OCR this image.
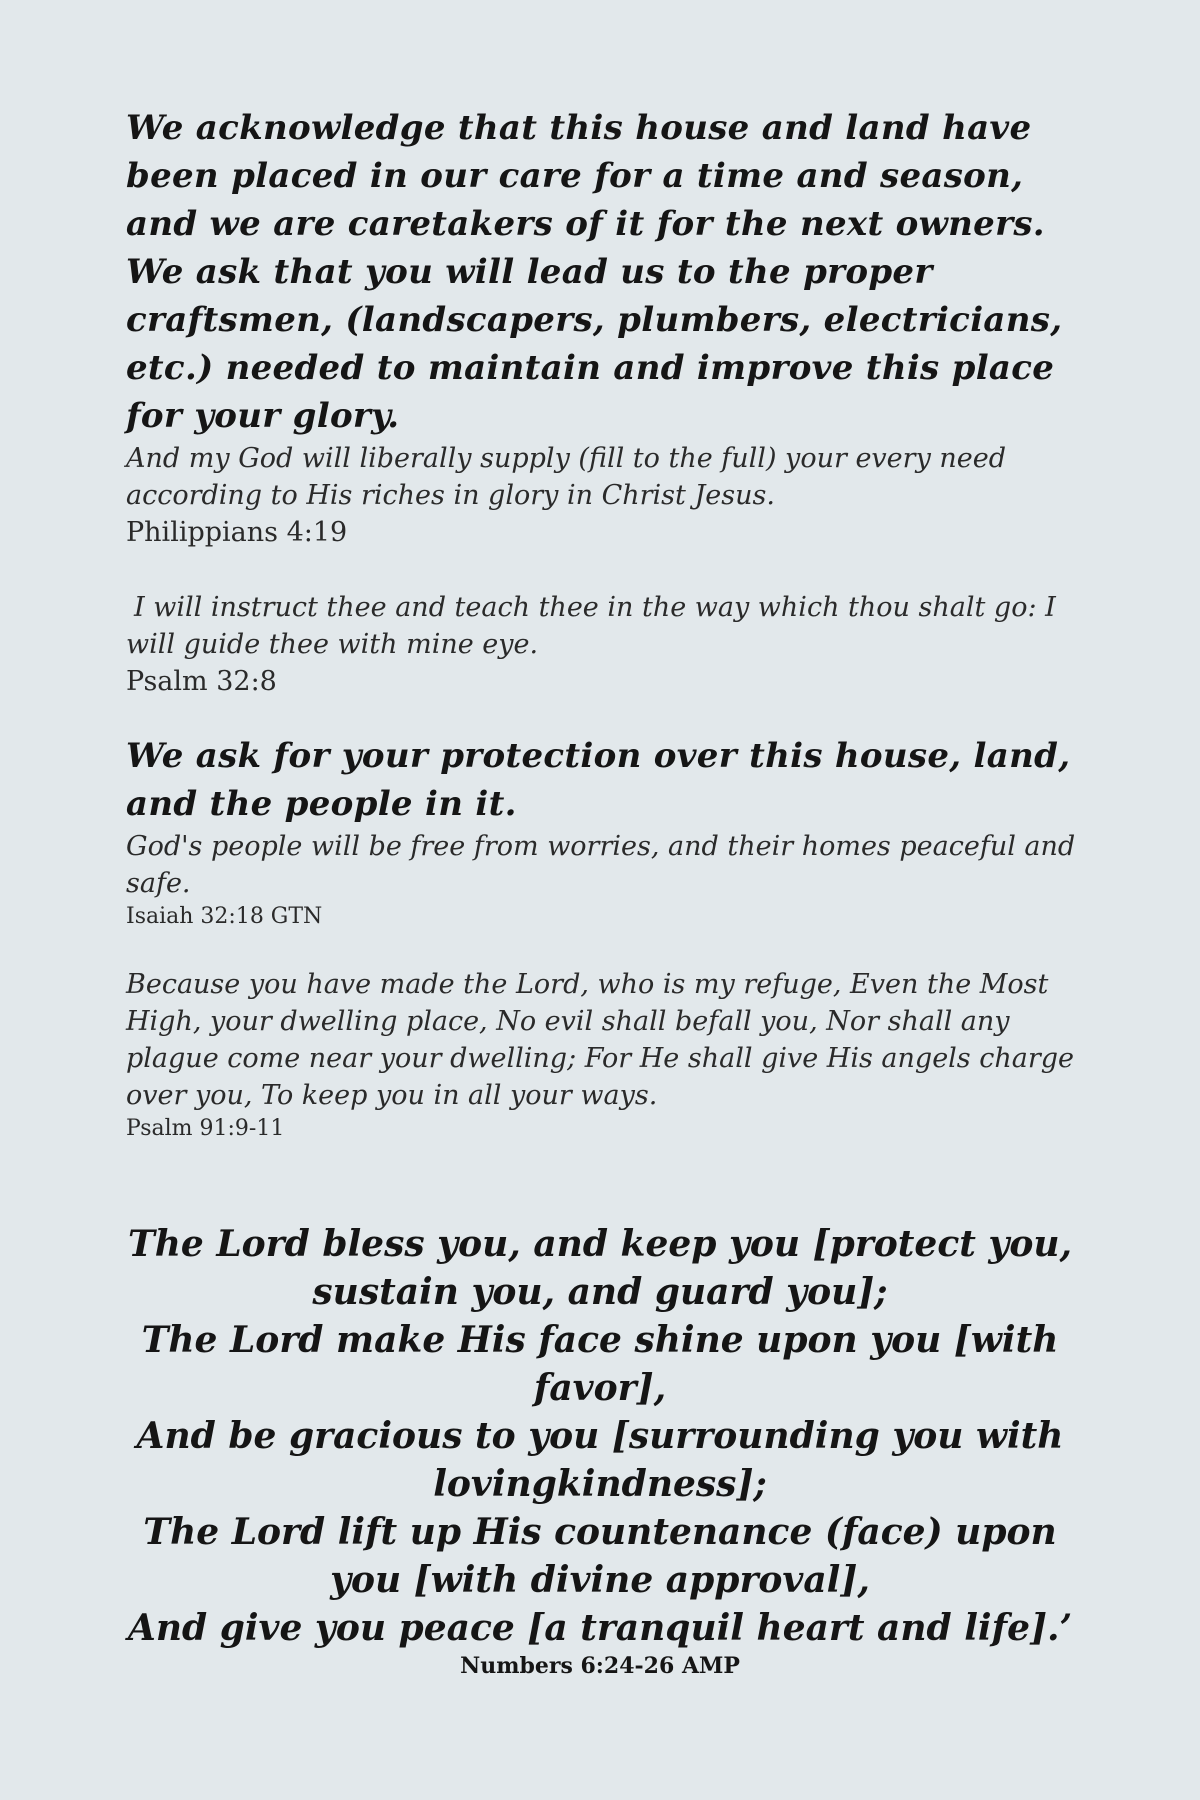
We acknowledge that this house and land have been placed in our care for a time and season, and we are caretakers of it for the next owners. We ask that you will lead us to the proper craftsmen, (landscapers, plumbers, electricians, etc.) needed to maintain and improve this place for your glory.

And my God will liberally supply (fill to the full) your every need according to His riches in glory in Christ Jesus.

Philippians 4:19

I will instruct thee and teach thee in the way which thou shalt go: I will guide thee with mine eye.

Psalm 32:8

We ask for your protection over this house, land, and the people in it.

God's people will be free from worries, and their homes peaceful and safe.

Isaiah 32:18 GTN

Because you have made the Lord, who is my refuge, Even the Most High, your dwelling place, No evil shall befall you, Nor shall any plague come near your dwelling; For He shall give His angels charge over you, To keep you in all your ways.

Psalm 91:9-11

The Lord bless you, and keep you [protect you, sustain you, and guard you];

The Lord make His face shine upon you [with favor],

And be gracious to you [surrounding you with lovingkindness];

The Lord lift up His countenance (face) upon you [with divine approval],

And give you peace [a tranquil heart and life].’

Numbers 6:24-26 AMP
